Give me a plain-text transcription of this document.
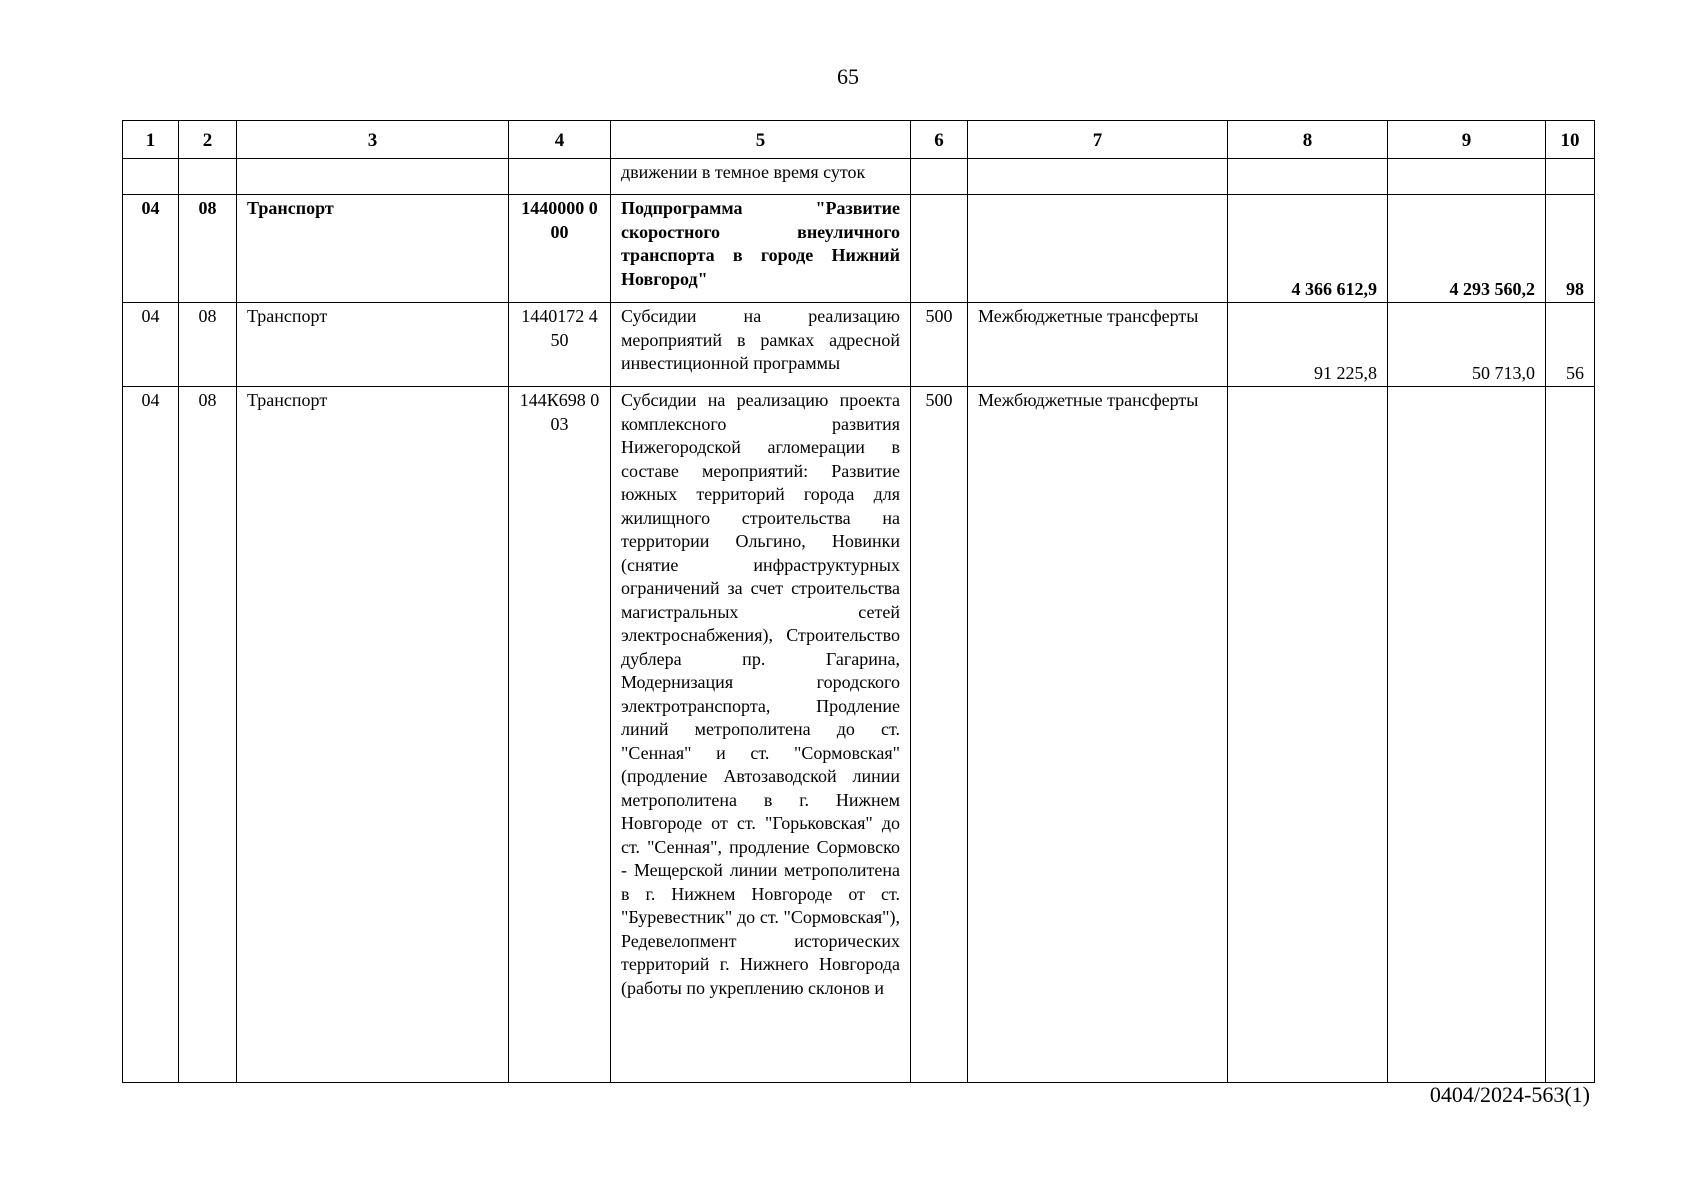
65
1	2	3	4	5	6	7	8	9	10
				движении в темное время суток					
04	08	Транспорт	1440000 000	Подпрограмма "Развитие скоростного внеуличного транспорта в городе Нижний Новгород"			4 366 612,9	4 293 560,2	98
04	08	Транспорт	1440172 450	Субсидии на реализацию мероприятий в рамках адресной инвестиционной программы	500	Межбюджетные трансферты	91 225,8	50 713,0	56
04	08	Транспорт	144К698 003	Субсидии на реализацию проекта комплексного развития Нижегородской агломерации в составе мероприятий: Развитие южных территорий города для жилищного строительства на территории Ольгино, Новинки (снятие инфраструктурных ограничений за счет строительства магистральных сетей электроснабжения), Строительство дублера пр. Гагарина, Модернизация городского электротранспорта, Продление линий метрополитена до ст. "Сенная" и ст. "Сормовская" (продление Автозаводской линии метрополитена в г. Нижнем Новгороде от ст. "Горьковская" до ст. "Сенная", продление Сормовско - Мещерской линии метрополитена в г. Нижнем Новгороде от ст. "Буревестник" до ст. "Сормовская"), Редевелопмент исторических территорий г. Нижнего Новгорода (работы по укреплению склонов и	500	Межбюджетные трансферты			
0404/2024-563(1)
